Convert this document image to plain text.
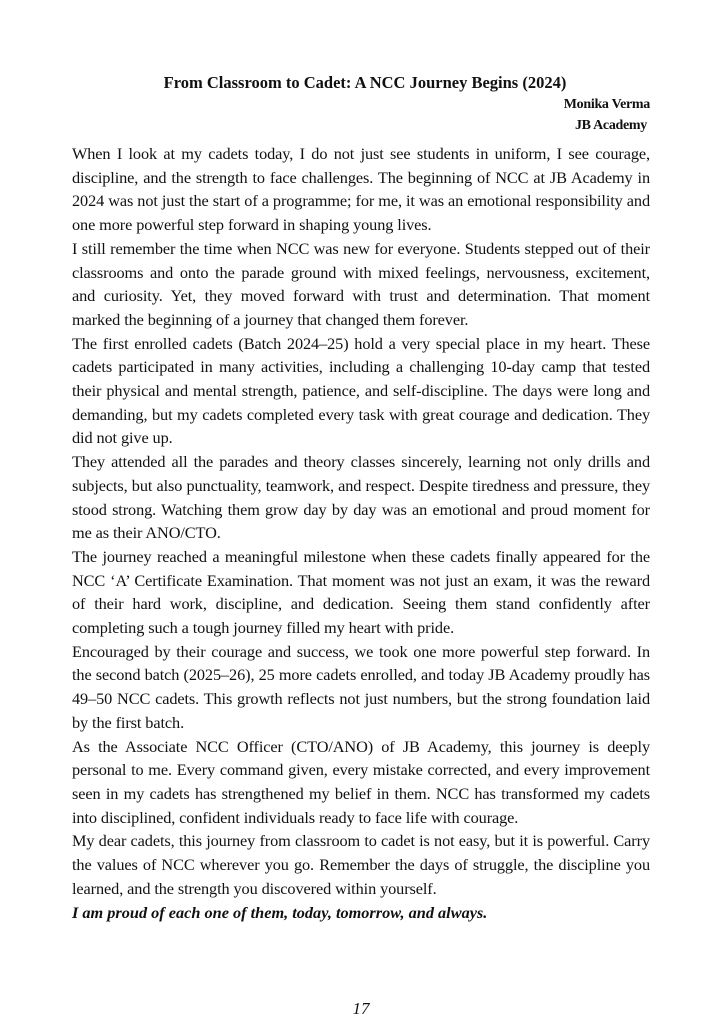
From Classroom to Cadet: A NCC Journey Begins (2024)

Monika Verma

JB Academy

When I look at my cadets today, I do not just see students in uniform, I see courage, discipline, and the strength to face challenges. The beginning of NCC at JB Academy in 2024 was not just the start of a programme; for me, it was an emotional responsibility and one more powerful step forward in shaping young lives.

I still remember the time when NCC was new for everyone. Students stepped out of their classrooms and onto the parade ground with mixed feelings, nervousness, excitement, and curiosity. Yet, they moved forward with trust and determination. That moment marked the beginning of a journey that changed them forever.

The first enrolled cadets (Batch 2024–25) hold a very special place in my heart. These cadets participated in many activities, including a challenging 10-day camp that tested their physical and mental strength, patience, and self-discipline. The days were long and demanding, but my cadets completed every task with great courage and dedication. They did not give up.

They attended all the parades and theory classes sincerely, learning not only drills and subjects, but also punctuality, teamwork, and respect. Despite tiredness and pressure, they stood strong. Watching them grow day by day was an emotional and proud moment for me as their ANO/CTO.

The journey reached a meaningful milestone when these cadets finally appeared for the NCC ‘A’ Certificate Examination. That moment was not just an exam, it was the reward of their hard work, discipline, and dedication. Seeing them stand confidently after completing such a tough journey filled my heart with pride.

Encouraged by their courage and success, we took one more powerful step forward. In the second batch (2025–26), 25 more cadets enrolled, and today JB Academy proudly has 49–50 NCC cadets. This growth reflects not just numbers, but the strong foundation laid by the first batch.

As the Associate NCC Officer (CTO/ANO) of JB Academy, this journey is deeply personal to me. Every command given, every mistake corrected, and every improvement seen in my cadets has strengthened my belief in them. NCC has transformed my cadets into disciplined, confident individuals ready to face life with courage.

My dear cadets, this journey from classroom to cadet is not easy, but it is powerful. Carry the values of NCC wherever you go. Remember the days of struggle, the discipline you learned, and the strength you discovered within yourself.

I am proud of each one of them, today, tomorrow, and always.

17
